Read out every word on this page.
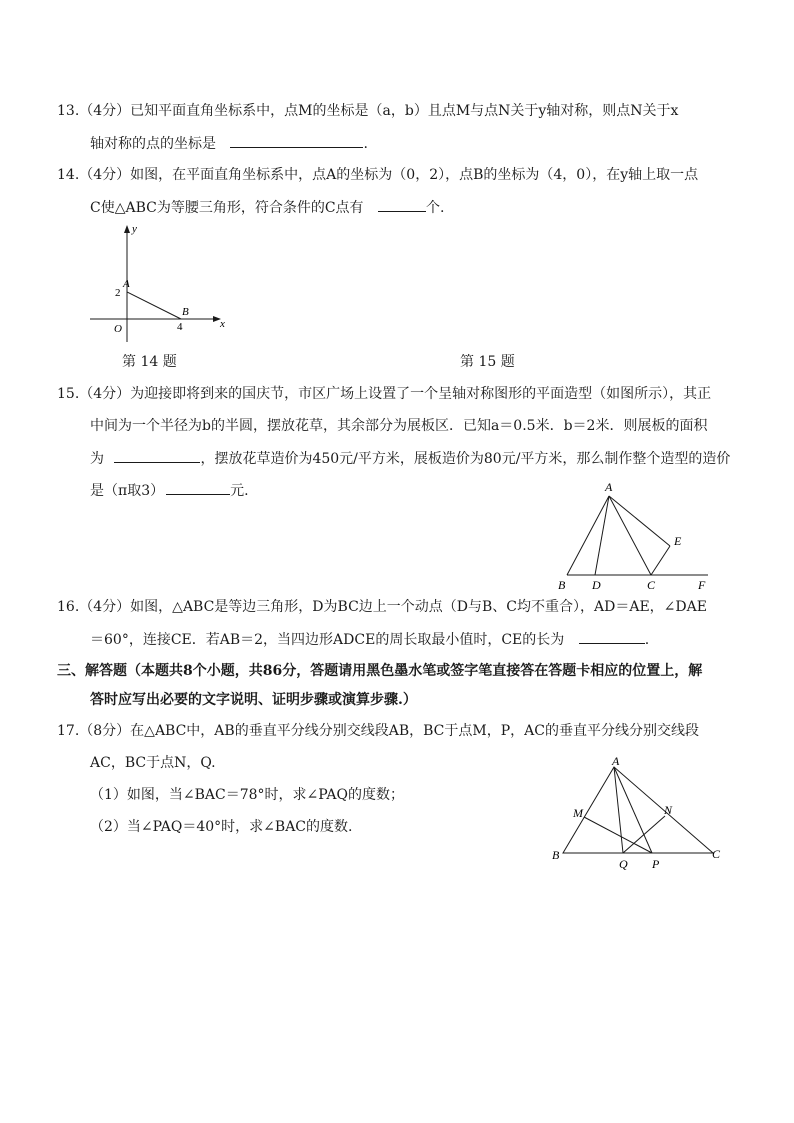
13.（4分）已知平面直角坐标系中，点M的坐标是（a，b）且点M与点N关于y轴对称，则点N关于x
轴对称的点的坐标是	.
14.（4分）如图，在平面直角坐标系中，点A的坐标为（0，2），点B的坐标为（4，0），在y轴上取一点
C使△ABC为等腰三角形，符合条件的C点有	个.
y
x
A
2
B
4
O
第 14 题	第 15 题
15.（4分）为迎接即将到来的国庆节，市区广场上设置了一个呈轴对称图形的平面造型（如图所示），其正
中间为一个半径为b的半圆，摆放花草，其余部分为展板区．已知a＝0.5米．b＝2米．则展板的面积
为	，摆放花草造价为450元/平方米，展板造价为80元/平方米，那么制作整个造型的造价
是（π取3）	元.	A
B D	C
E
F
16.（4分）如图，△ABC是等边三角形，D为BC边上一个动点（D与B、C均不重合），AD＝AE，∠DAE
＝60°，连接CE．若AB＝2，当四边形ADCE的周长取最小值时，CE的长为	.
三、解答题（本题共8个小题，共86分，答题请用黑色墨水笔或签字笔直接答在答题卡相应的位置上，解
答时应写出必要的文字说明、证明步骤或演算步骤.）
17.（8分）在△ABC中，AB的垂直平分线分别交线段AB，BC于点M，P，AC的垂直平分线分别交线段
AC，BC于点N，Q.
（1）如图，当∠BAC＝78°时，求∠PAQ的度数；
（2）当∠PAQ＝40°时，求∠BAC的度数.
A
B	C
M	N
Q P
